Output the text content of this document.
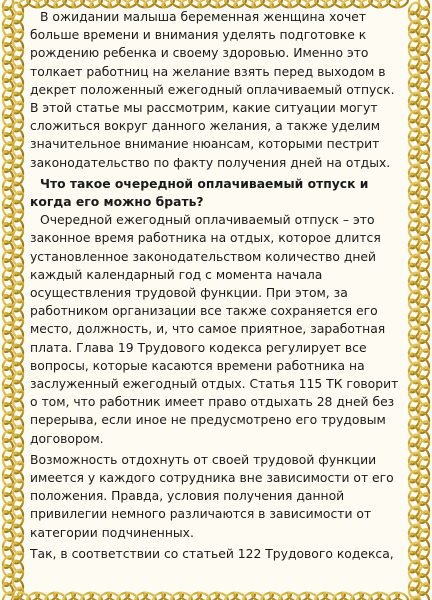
В ожидании малыша беременная женщина хочет больше времени и внимания уделять подготовке к рождению ребенка и своему здоровью. Именно это толкает работниц на желание взять перед выходом в декрет положенный ежегодный оплачиваемый отпуск. В этой статье мы рассмотрим, какие ситуации могут сложиться вокруг данного желания, а также уделим значительное внимание нюансам, которыми пестрит законодательство по факту получения дней на отдых.

Что такое очередной оплачиваемый отпуск и когда его можно брать?

Очередной ежегодный оплачиваемый отпуск – это законное время работника на отдых, которое длится установленное законодательством количество дней каждый календарный год с момента начала осуществления трудовой функции. При этом, за работником организации все также сохраняется его место, должность, и, что самое приятное, заработная плата. Глава 19 Трудового кодекса регулирует все вопросы, которые касаются времени работника на заслуженный ежегодный отдых. Статья 115 ТК говорит о том, что работник имеет право отдыхать 28 дней без перерыва, если иное не предусмотрено его трудовым договором.

Возможность отдохнуть от своей трудовой функции имеется у каждого сотрудника вне зависимости от его положения. Правда, условия получения данной привилегии немного различаются в зависимости от категории подчиненных.

Так, в соответствии со статьей 122 Трудового кодекса,
